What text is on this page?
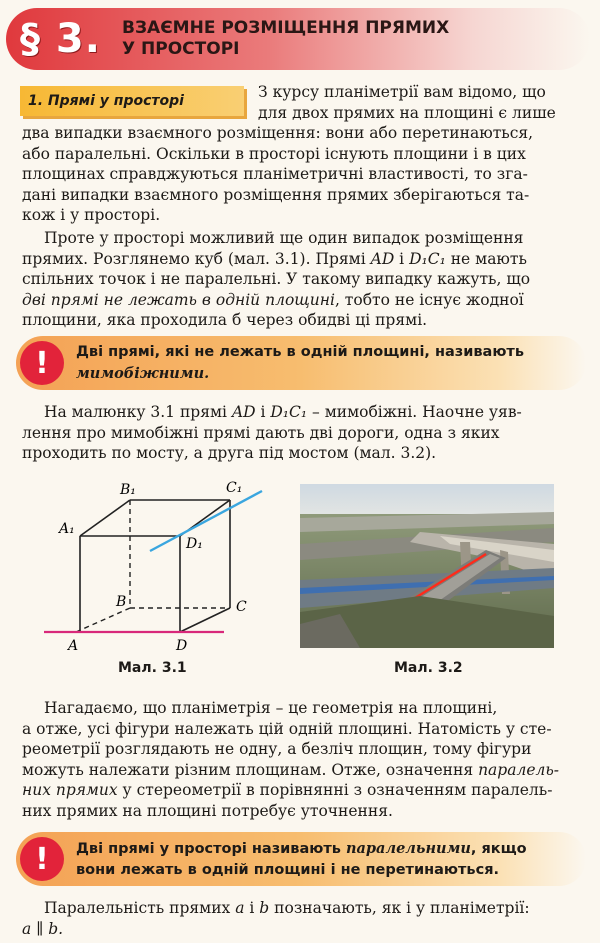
§ 3. ВЗАЄМНЕ РОЗМІЩЕННЯ ПРЯМИХ
У ПРОСТОРІ
1. Прямі у просторі	З курсу планіметрії вам відомо, що
для двох прямих на площині є лише
два випадки взаємного розміщення: вони або перетинаються,
або паралельні. Оскільки в просторі існують площини і в цих
площинах справджуються планіметричні властивості, то зга-
дані випадки взаємного розміщення прямих зберігаються та-
кож і у просторі.
Проте у просторі можливий ще один випадок розміщення
прямих. Розглянемо куб (мал. 3.1). Прямі AD і D₁C₁ не мають
спільних точок і не паралельні. У такому випадку кажуть, що
дві прямі не лежать в одній площині, тобто не існує жодної
площини, яка проходила б через обидві ці прямі.
!	Дві прямі, які не лежать в одній площині, називають
мимобіжними.
На малюнку 3.1 прямі AD і D₁C₁ – мимобіжні. Наочне уяв-
лення про мимобіжні прямі дають дві дороги, одна з яких
проходить по мосту, а друга під мостом (мал. 3.2).
A₁
B₁	C₁
D₁
B	C
A	D
Мал. 3.1	Мал. 3.2
Нагадаємо, що планіметрія – це геометрія на площині,
а отже, усі фігури належать цій одній площині. Натомість у сте-
реометрії розглядають не одну, а безліч площин, тому фігури
можуть належати різним площинам. Отже, означення паралель-
них прямих у стереометрії в порівнянні з означенням паралель-
них прямих на площині потребує уточнення.
!	Дві прямі у просторі називають паралельними, якщо
вони лежать в одній площині і не перетинаються.
Паралельність прямих a і b позначають, як і у планіметрії:
a ∥ b.
